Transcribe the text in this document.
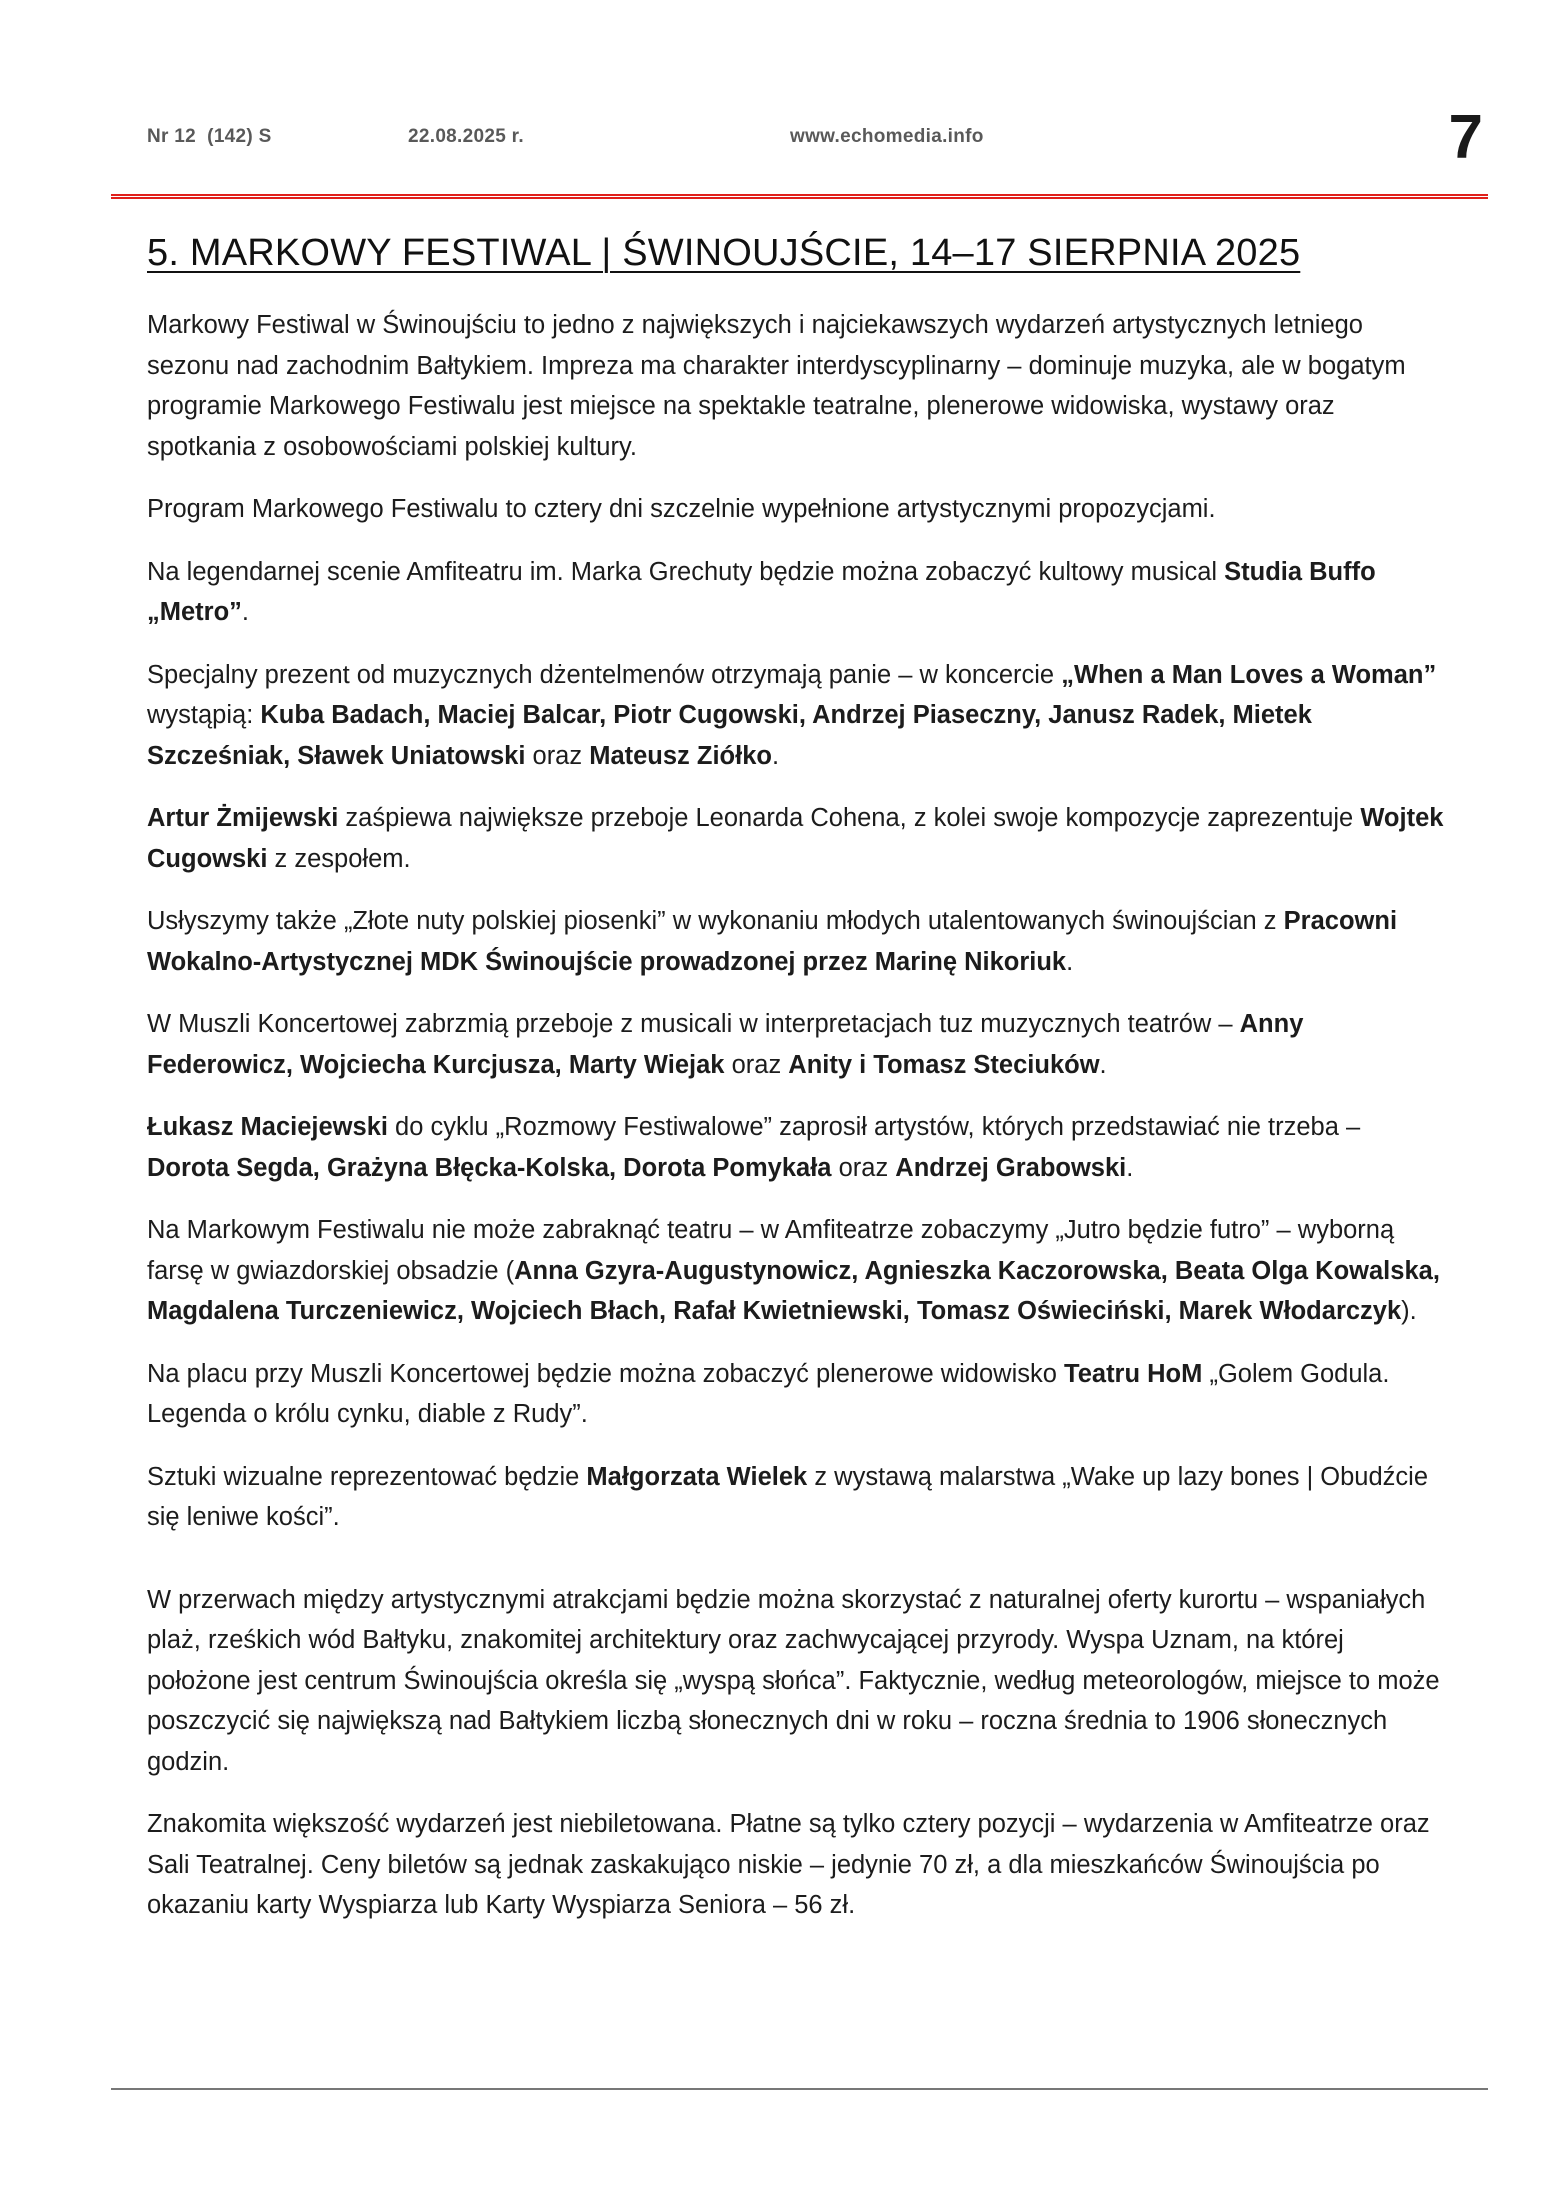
Nr 12  (142) S	22.08.2025 r.	www.echomedia.info	7
5. MARKOWY FESTIWAL | ŚWINOUJŚCIE, 14–17 SIERPNIA 2025

Markowy Festiwal w Świnoujściu to jedno z największych i najciekawszych wydarzeń artystycznych letniego sezonu nad zachodnim Bałtykiem. Impreza ma charakter interdyscyplinarny – dominuje muzyka, ale w bogatym programie Markowego Festiwalu jest miejsce na spektakle teatralne, plenerowe widowiska, wystawy oraz spotkania z osobowościami polskiej kultury.

Program Markowego Festiwalu to cztery dni szczelnie wypełnione artystycznymi propozycjami.

Na legendarnej scenie Amfiteatru im. Marka Grechuty będzie można zobaczyć kultowy musical Studia Buffo „Metro”.

Specjalny prezent od muzycznych dżentelmenów otrzymają panie – w koncercie „When a Man Loves a Woman” wystąpią: Kuba Badach, Maciej Balcar, Piotr Cugowski, Andrzej Piaseczny, Janusz Radek, Mietek Szcześniak, Sławek Uniatowski oraz Mateusz Ziółko.

Artur Żmijewski zaśpiewa największe przeboje Leonarda Cohena, z kolei swoje kompozycje zaprezentuje Wojtek Cugowski z zespołem.

Usłyszymy także „Złote nuty polskiej piosenki” w wykonaniu młodych utalentowanych świnoujścian z Pracowni Wokalno-Artystycznej MDK Świnoujście prowadzonej przez Marinę Nikoriuk.

W Muszli Koncertowej zabrzmią przeboje z musicali w interpretacjach tuz muzycznych teatrów – Anny Federowicz, Wojciecha Kurcjusza, Marty Wiejak oraz Anity i Tomasz Steciuków.

Łukasz Maciejewski do cyklu „Rozmowy Festiwalowe” zaprosił artystów, których przedstawiać nie trzeba – Dorota Segda, Grażyna Błęcka-Kolska, Dorota Pomykała oraz Andrzej Grabowski.

Na Markowym Festiwalu nie może zabraknąć teatru – w Amfiteatrze zobaczymy „Jutro będzie futro” – wyborną farsę w gwiazdorskiej obsadzie (Anna Gzyra-Augustynowicz, Agnieszka Kaczorowska, Beata Olga Kowalska, Magdalena Turczeniewicz, Wojciech Błach, Rafał Kwietniewski, Tomasz Oświeciński, Marek Włodarczyk).

Na placu przy Muszli Koncertowej będzie można zobaczyć plenerowe widowisko Teatru HoM „Golem Godula. Legenda o królu cynku, diable z Rudy”.

Sztuki wizualne reprezentować będzie Małgorzata Wielek z wystawą malarstwa „Wake up lazy bones | Obudźcie się leniwe kości”.

W przerwach między artystycznymi atrakcjami będzie można skorzystać z naturalnej oferty kurortu – wspaniałych plaż, rześkich wód Bałtyku, znakomitej architektury oraz zachwycającej przyrody. Wyspa Uznam, na której położone jest centrum Świnoujścia określa się „wyspą słońca”. Faktycznie, według meteorologów, miejsce to może poszczycić się największą nad Bałtykiem liczbą słonecznych dni w roku – roczna średnia to 1906 słonecznych godzin.

Znakomita większość wydarzeń jest niebiletowana. Płatne są tylko cztery pozycji – wydarzenia w Amfiteatrze oraz Sali Teatralnej. Ceny biletów są jednak zaskakująco niskie – jedynie 70 zł, a dla mieszkańców Świnoujścia po okazaniu karty Wyspiarza lub Karty Wyspiarza Seniora – 56 zł.
